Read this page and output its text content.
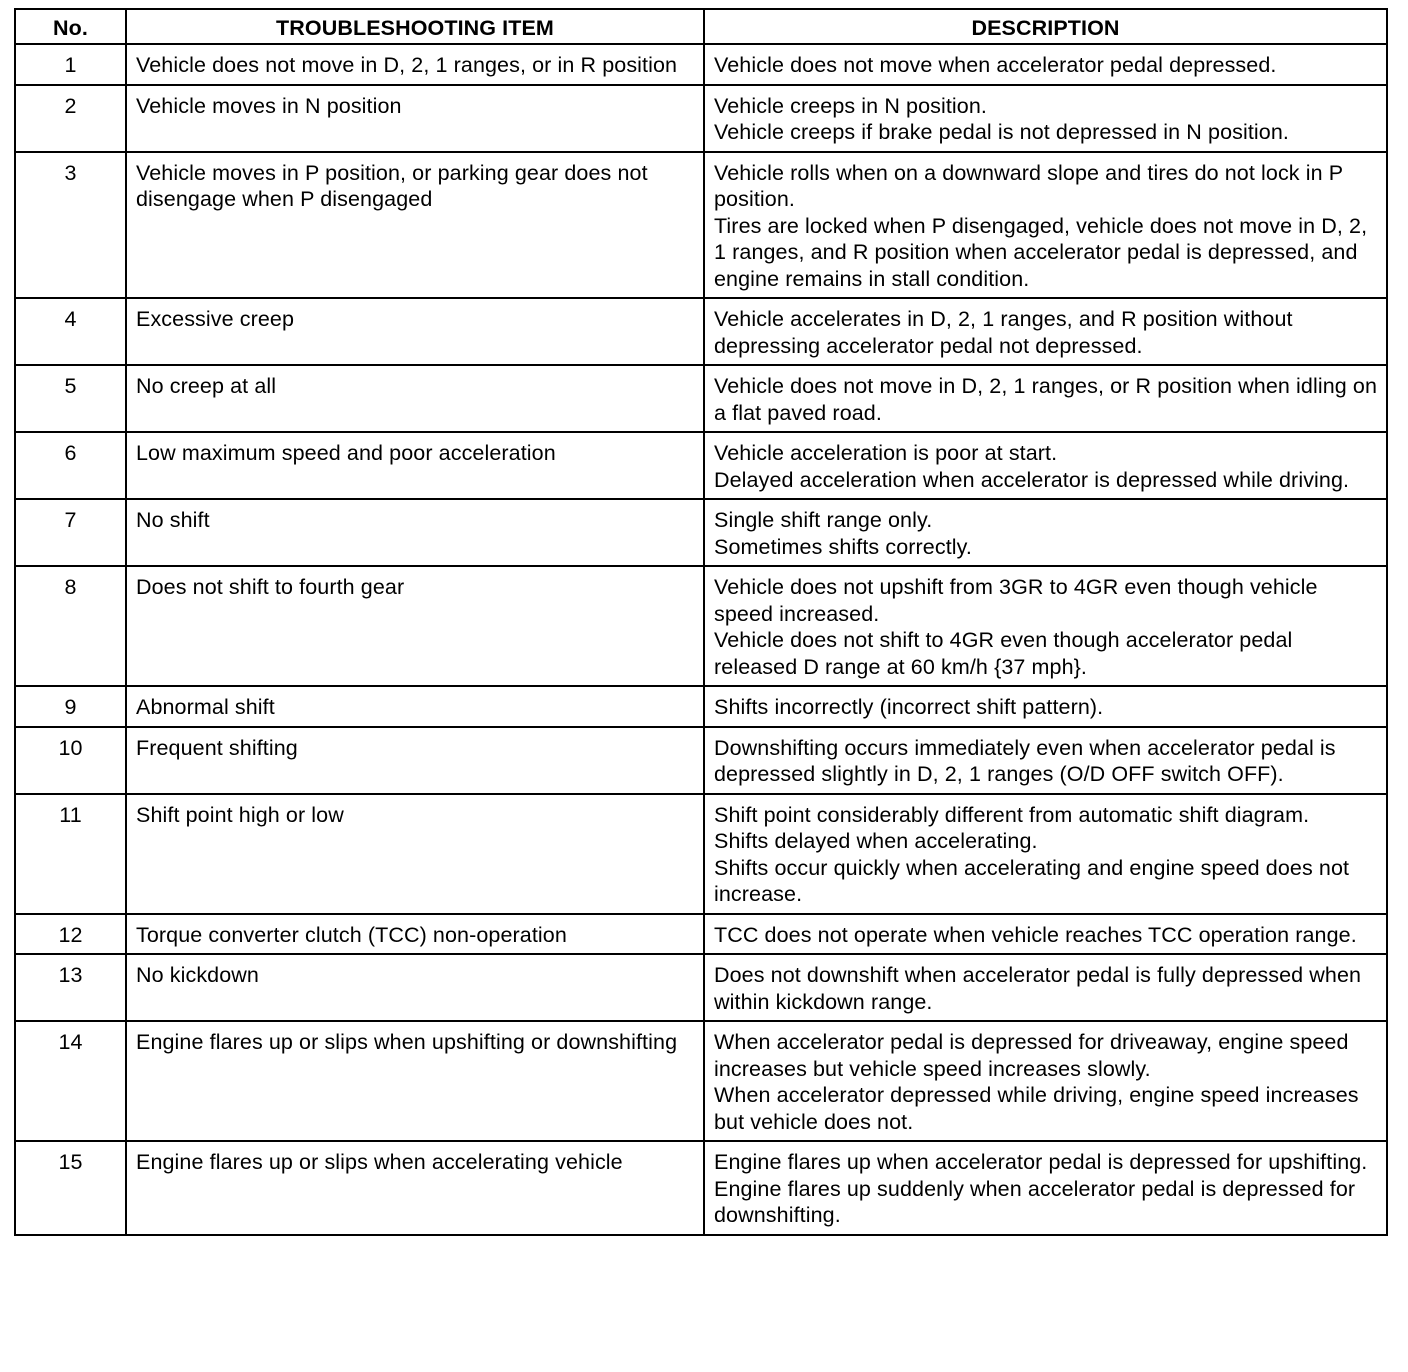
No.	TROUBLESHOOTING ITEM	DESCRIPTION
1	Vehicle does not move in D, 2, 1 ranges, or in R position	Vehicle does not move when accelerator pedal depressed.

2	Vehicle moves in N position	Vehicle creeps in N position.
Vehicle creeps if brake pedal is not depressed in N position.

3	Vehicle moves in P position, or parking gear does not disengage when P disengaged	Vehicle rolls when on a downward slope and tires do not lock in P position.
Tires are locked when P disengaged, vehicle does not move in D, 2, 1 ranges, and R position when accelerator pedal is depressed, and engine remains in stall condition.

4	Excessive creep	Vehicle accelerates in D, 2, 1 ranges, and R position without depressing accelerator pedal not depressed.

5	No creep at all	Vehicle does not move in D, 2, 1 ranges, or R position when idling on a flat paved road.

6	Low maximum speed and poor acceleration	Vehicle acceleration is poor at start.
Delayed acceleration when accelerator is depressed while driving.

7	No shift	Single shift range only.
Sometimes shifts correctly.

8	Does not shift to fourth gear	Vehicle does not upshift from 3GR to 4GR even though vehicle speed increased.
Vehicle does not shift to 4GR even though accelerator pedal released D range at 60 km/h {37 mph}.

9	Abnormal shift	Shifts incorrectly (incorrect shift pattern).

10	Frequent shifting	Downshifting occurs immediately even when accelerator pedal is depressed slightly in D, 2, 1 ranges (O/D OFF switch OFF).

11	Shift point high or low	Shift point considerably different from automatic shift diagram.
Shifts delayed when accelerating.
Shifts occur quickly when accelerating and engine speed does not increase.

12	Torque converter clutch (TCC) non-operation	TCC does not operate when vehicle reaches TCC operation range.

13	No kickdown	Does not downshift when accelerator pedal is fully depressed when within kickdown range.

14	Engine flares up or slips when upshifting or downshifting	When accelerator pedal is depressed for driveaway, engine speed increases but vehicle speed increases slowly.
When accelerator depressed while driving, engine speed increases but vehicle does not.

15	Engine flares up or slips when accelerating vehicle	Engine flares up when accelerator pedal is depressed for upshifting.
Engine flares up suddenly when accelerator pedal is depressed for downshifting.
